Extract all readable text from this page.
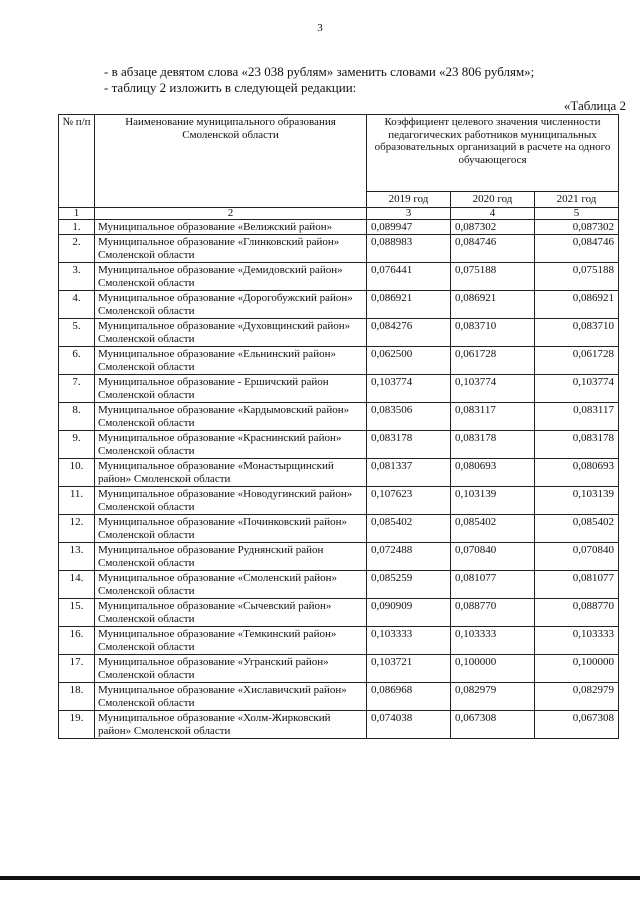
3
- в абзаце девятом слова «23 038 рублям» заменить словами «23 806 рублям»;
- таблицу 2 изложить в следующей редакции:
«Таблица 2
№ п/п	Наименование муниципального образования Смоленской области	Коэффициент целевого значения численности педагогических работников муниципальных образовательных организаций в расчете на одного обучающегося		
		2019 год	2020 год	2021 год
1	2	3	4	5
1.	Муниципальное образование «Велижский район»	0,089947	0,087302	0,087302
2.	Муниципальное образование «Глинковский район» Смоленской области	0,088983	0,084746	0,084746
3.	Муниципальное образование «Демидовский район» Смоленской области	0,076441	0,075188	0,075188
4.	Муниципальное образование «Дорогобужский район» Смоленской области	0,086921	0,086921	0,086921
5.	Муниципальное образование «Духовщинский район» Смоленской области	0,084276	0,083710	0,083710
6.	Муниципальное образование «Ельнинский район» Смоленской области	0,062500	0,061728	0,061728
7.	Муниципальное образование - Ершичский район Смоленской области	0,103774	0,103774	0,103774
8.	Муниципальное образование «Кардымовский район» Смоленской области	0,083506	0,083117	0,083117
9.	Муниципальное образование «Краснинский район» Смоленской области	0,083178	0,083178	0,083178
10.	Муниципальное образование «Монастырщинский район» Смоленской области	0,081337	0,080693	0,080693
11.	Муниципальное образование «Новодугинский район» Смоленской области	0,107623	0,103139	0,103139
12.	Муниципальное образование «Починковский район» Смоленской области	0,085402	0,085402	0,085402
13.	Муниципальное образование Руднянский район Смоленской области	0,072488	0,070840	0,070840
14.	Муниципальное образование «Смоленский район» Смоленской области	0,085259	0,081077	0,081077
15.	Муниципальное образование «Сычевский район» Смоленской области	0,090909	0,088770	0,088770
16.	Муниципальное образование «Темкинский район» Смоленской области	0,103333	0,103333	0,103333
17.	Муниципальное образование «Угранский район» Смоленской области	0,103721	0,100000	0,100000
18.	Муниципальное образование «Хиславичский район» Смоленской области	0,086968	0,082979	0,082979
19.	Муниципальное образование «Холм-Жирковский район» Смоленской области	0,074038	0,067308	0,067308
